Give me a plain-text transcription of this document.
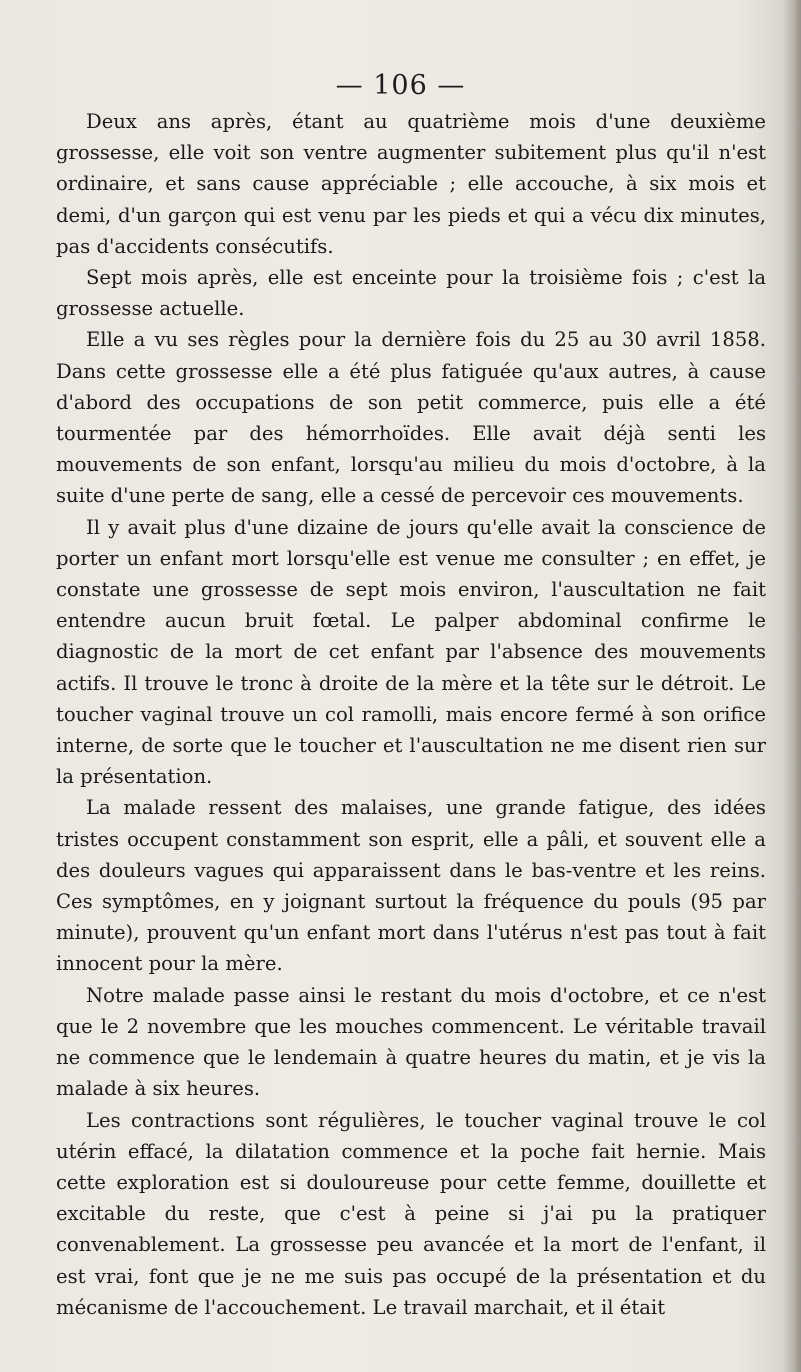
— 106 —

Deux ans après, étant au quatrième mois d'une deuxième grossesse, elle voit son ventre augmenter subitement plus qu'il n'est ordinaire, et sans cause appréciable ; elle accouche, à six mois et demi, d'un garçon qui est venu par les pieds et qui a vécu dix minutes, pas d'accidents consécutifs.

Sept mois après, elle est enceinte pour la troisième fois ; c'est la grossesse actuelle.

Elle a vu ses règles pour la dernière fois du 25 au 30 avril 1858. Dans cette grossesse elle a été plus fatiguée qu'aux autres, à cause d'abord des occupations de son petit commerce, puis elle a été tourmentée par des hémorrhoïdes. Elle avait déjà senti les mouvements de son enfant, lorsqu'au milieu du mois d'octobre, à la suite d'une perte de sang, elle a cessé de percevoir ces mouvements.

Il y avait plus d'une dizaine de jours qu'elle avait la conscience de porter un enfant mort lorsqu'elle est venue me consulter ; en effet, je constate une grossesse de sept mois environ, l'auscultation ne fait entendre aucun bruit fœtal. Le palper abdominal confirme le diagnostic de la mort de cet enfant par l'absence des mouvements actifs. Il trouve le tronc à droite de la mère et la tête sur le détroit. Le toucher vaginal trouve un col ramolli, mais encore fermé à son orifice interne, de sorte que le toucher et l'auscultation ne me disent rien sur la présentation.

La malade ressent des malaises, une grande fatigue, des idées tristes occupent constamment son esprit, elle a pâli, et souvent elle a des douleurs vagues qui apparaissent dans le bas-ventre et les reins. Ces symptômes, en y joignant surtout la fréquence du pouls (95 par minute), prouvent qu'un enfant mort dans l'utérus n'est pas tout à fait innocent pour la mère.

Notre malade passe ainsi le restant du mois d'octobre, et ce n'est que le 2 novembre que les mouches commencent. Le véritable travail ne commence que le lendemain à quatre heures du matin, et je vis la malade à six heures.

Les contractions sont régulières, le toucher vaginal trouve le col utérin effacé, la dilatation commence et la poche fait hernie. Mais cette exploration est si douloureuse pour cette femme, douillette et excitable du reste, que c'est à peine si j'ai pu la pratiquer convenablement. La grossesse peu avancée et la mort de l'enfant, il est vrai, font que je ne me suis pas occupé de la présentation et du mécanisme de l'accouchement. Le travail marchait, et il était
